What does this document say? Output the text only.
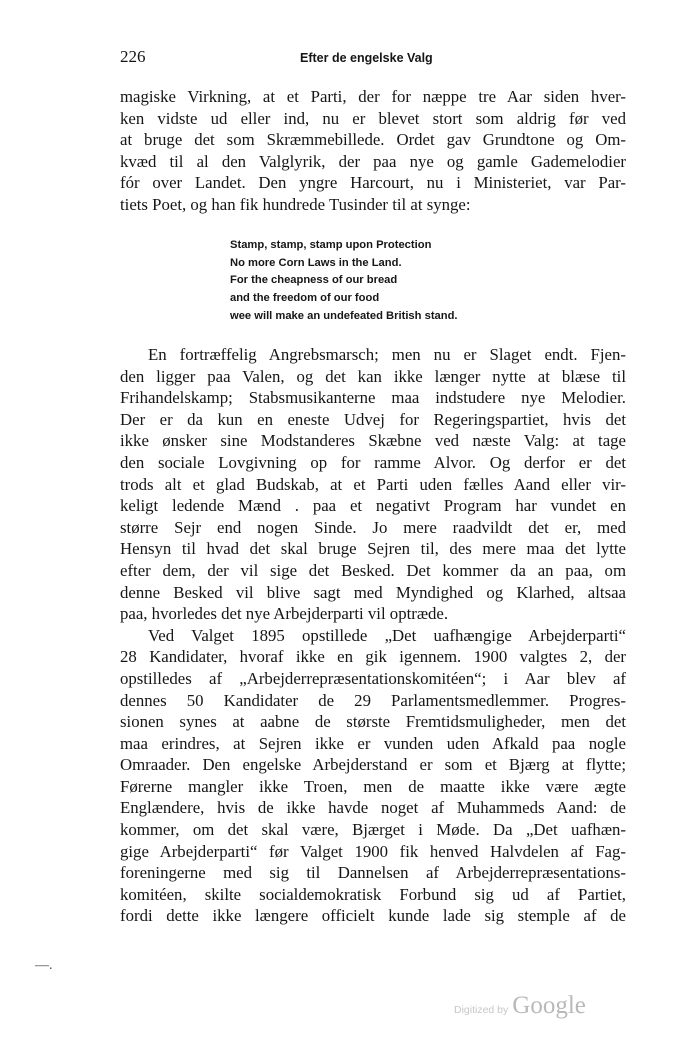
226	Efter de engelske Valg
magiske Virkning, at et Parti, der for næppe tre Aar siden hver-
ken vidste ud eller ind, nu er blevet stort som aldrig før ved
at bruge det som Skræmmebillede. Ordet gav Grundtone og Om-
kvæd til al den Valglyrik, der paa nye og gamle Gademelodier
fór over Landet. Den yngre Harcourt, nu i Ministeriet, var Par-
tiets Poet, og han fik hundrede Tusinder til at synge:
Stamp, stamp, stamp upon Protection
No more Corn Laws in the Land.
For the cheapness of our bread
and the freedom of our food
wee will make an undefeated British stand.
En fortræffelig Angrebsmarsch; men nu er Slaget endt. Fjen-
den ligger paa Valen, og det kan ikke længer nytte at blæse til
Frihandelskamp; Stabsmusikanterne maa indstudere nye Melodier.
Der er da kun en eneste Udvej for Regeringspartiet, hvis det
ikke ønsker sine Modstanderes Skæbne ved næste Valg: at tage
den sociale Lovgivning op for ramme Alvor. Og derfor er det
trods alt et glad Budskab, at et Parti uden fælles Aand eller vir-
keligt ledende Mænd . paa et negativt Program har vundet en
større Sejr end nogen Sinde. Jo mere raadvildt det er, med
Hensyn til hvad det skal bruge Sejren til, des mere maa det lytte
efter dem, der vil sige det Besked. Det kommer da an paa, om
denne Besked vil blive sagt med Myndighed og Klarhed, altsaa
paa, hvorledes det nye Arbejderparti vil optræde.
Ved Valget 1895 opstillede „Det uafhængige Arbejderparti“
28 Kandidater, hvoraf ikke en gik igennem. 1900 valgtes 2, der
opstilledes af „Arbejderrepræsentationskomitéen“; i Aar blev af
dennes 50 Kandidater de 29 Parlamentsmedlemmer. Progres-
sionen synes at aabne de største Fremtidsmuligheder, men det
maa erindres, at Sejren ikke er vunden uden Afkald paa nogle
Omraader. Den engelske Arbejderstand er som et Bjærg at flytte;
Førerne mangler ikke Troen, men de maatte ikke være ægte
Englændere, hvis de ikke havde noget af Muhammeds Aand: de
kommer, om det skal være, Bjærget i Møde. Da „Det uafhæn-
gige Arbejderparti“ før Valget 1900 fik henved Halvdelen af Fag-
foreningerne med sig til Dannelsen af Arbejderrepræsentations-
komitéen, skilte socialdemokratisk Forbund sig ud af Partiet,
fordi dette ikke længere officielt kunde lade sig stemple af de
—.
Digitized by Google
